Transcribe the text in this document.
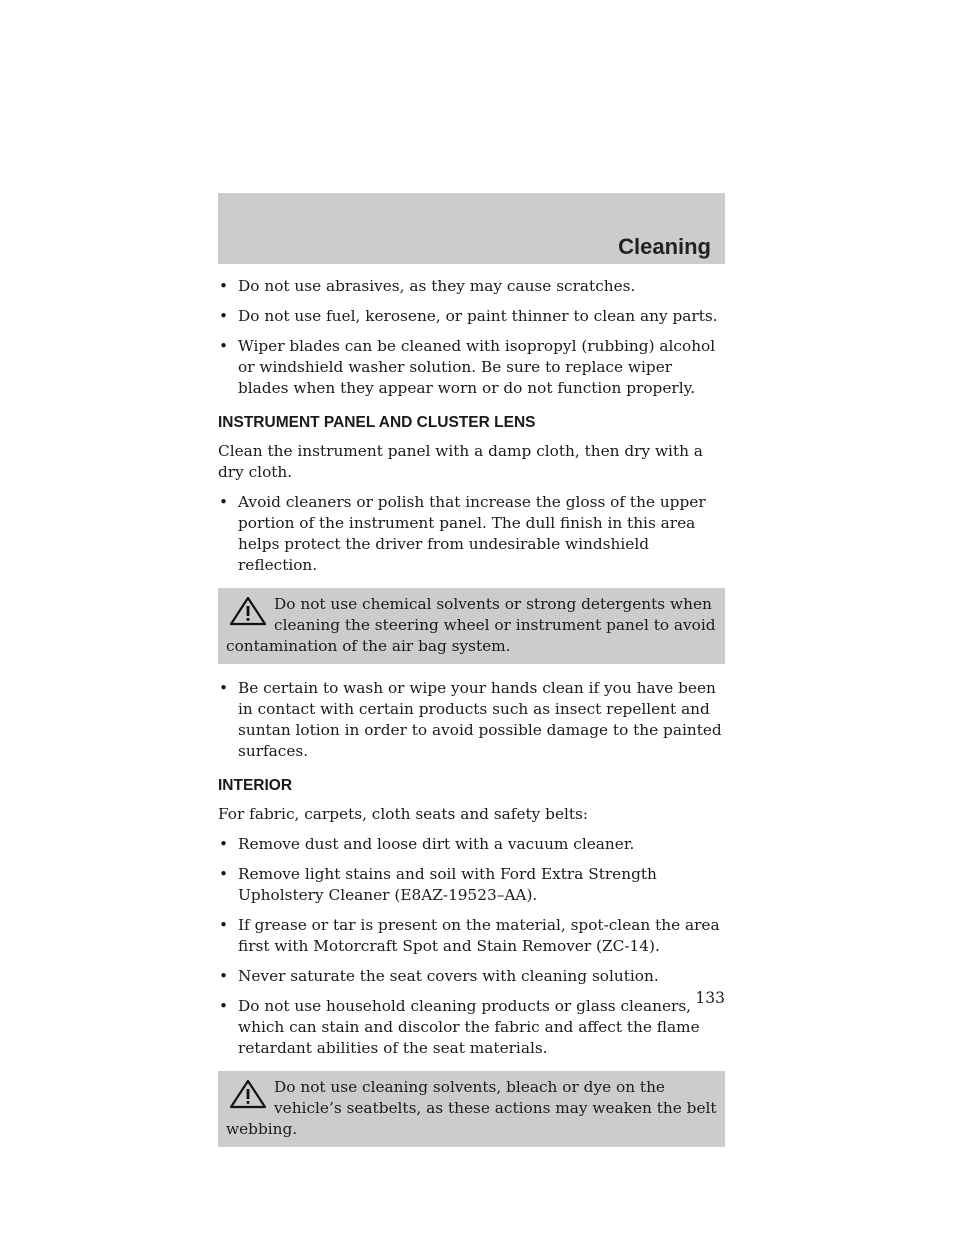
Cleaning
• Do not use abrasives, as they may cause scratches.
• Do not use fuel, kerosene, or paint thinner to clean any parts.
• Wiper blades can be cleaned with isopropyl (rubbing) alcohol or windshield washer solution. Be sure to replace wiper blades when they appear worn or do not function properly.
INSTRUMENT PANEL AND CLUSTER LENS
Clean the instrument panel with a damp cloth, then dry with a dry cloth.
• Avoid cleaners or polish that increase the gloss of the upper portion of the instrument panel. The dull finish in this area helps protect the driver from undesirable windshield reflection.
Do not use chemical solvents or strong detergents when cleaning the steering wheel or instrument panel to avoid contamination of the air bag system.
• Be certain to wash or wipe your hands clean if you have been in contact with certain products such as insect repellent and suntan lotion in order to avoid possible damage to the painted surfaces.
INTERIOR
For fabric, carpets, cloth seats and safety belts:
• Remove dust and loose dirt with a vacuum cleaner.
• Remove light stains and soil with Ford Extra Strength Upholstery Cleaner (E8AZ-19523–AA).
• If grease or tar is present on the material, spot-clean the area first with Motorcraft Spot and Stain Remover (ZC-14).
• Never saturate the seat covers with cleaning solution.
• Do not use household cleaning products or glass cleaners, which can stain and discolor the fabric and affect the flame retardant abilities of the seat materials.
Do not use cleaning solvents, bleach or dye on the vehicle’s seatbelts, as these actions may weaken the belt webbing.
133
